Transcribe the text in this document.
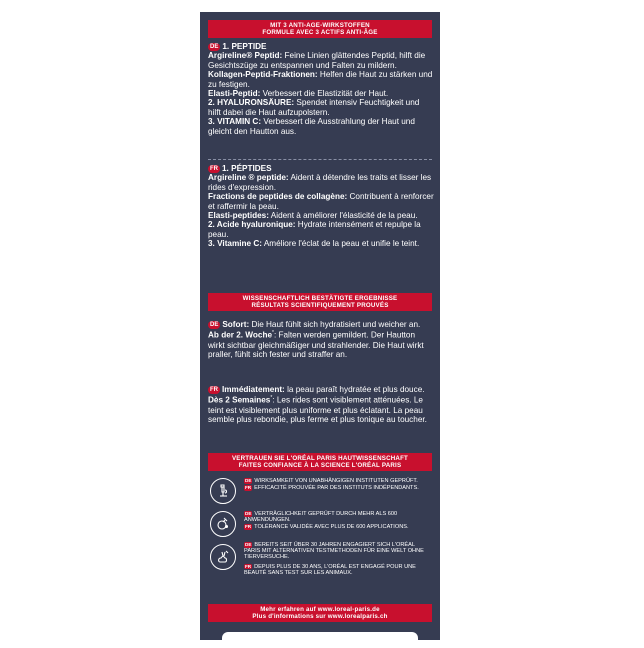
MIT 3 ANTI-AGE-WIRKSTOFFEN
FORMULE AVEC 3 ACTIFS ANTI-ÂGE

DE 1. PEPTIDE

Argireline® Peptid: Feine Linien glättendes Peptid, hilft die Gesichtszüge zu entspannen und Falten zu mildern.

Kollagen-Peptid-Fraktionen: Helfen die Haut zu stärken und zu festigen.

Elasti-Peptid: Verbessert die Elastizität der Haut.

2. HYALURONSÄURE: Spendet intensiv Feuchtigkeit und hilft dabei die Haut aufzupolstern.

3. VITAMIN C: Verbessert die Ausstrahlung der Haut und gleicht den Hautton aus.

FR 1. PÉPTIDES

Argireline ® peptide: Aident à détendre les traits et lisser les rides d'expression.

Fractions de peptides de collagène: Contribuent à renforcer et raffermir la peau.

Elasti-peptides: Aident à améliorer l'élasticité de la peau.

2. Acide hyaluronique: Hydrate intensément et repulpe la peau.

3. Vitamine C: Améliore l'éclat de la peau et unifie le teint.

WISSENSCHAFTLICH BESTÄTIGTE ERGEBNISSE
RÉSULTATS SCIENTIFIQUEMENT PROUVÉS

DE Sofort: Die Haut fühlt sich hydratisiert und weicher an.

Ab der 2. Woche*: Falten werden gemildert. Der Hautton wirkt sichtbar gleichmäßiger und strahlender. Die Haut wirkt praller, fühlt sich fester und straffer an.

FR Immédiatement: la peau paraît hydratée et plus douce.

Dès 2 Semaines*: Les rides sont visiblement atténuées. Le teint est visiblement plus uniforme et plus éclatant. La peau semble plus rebondie, plus ferme et plus tonique au toucher.

VERTRAUEN SIE L'ORÉAL PARIS HAUTWISSENSCHAFT
FAITES CONFIANCE À LA SCIENCE L'ORÉAL PARIS

DE WIRKSAMKEIT VON UNABHÄNGIGEN INSTITUTEN GEPRÜFT.

FR EFFICACITÉ PROUVÉE PAR DES INSTITUTS INDÉPENDANTS.

DE VERTRÄGLICHKEIT GEPRÜFT DURCH MEHR ALS 600 ANWENDUNGEN.

FR TOLÉRANCE VALIDÉE AVEC PLUS DE 600 APPLICATIONS.

DE BEREITS SEIT ÜBER 30 JAHREN ENGAGIERT SICH L'ORÉAL PARIS MIT ALTERNATIVEN TESTMETHODEN FÜR EINE WELT OHNE TIERVERSUCHE.

FR DEPUIS PLUS DE 30 ANS, L'ORÉAL EST ENGAGÉ POUR UNE BEAUTÉ SANS TEST SUR LES ANIMAUX.

Mehr erfahren auf www.loreal-paris.de
Plus d'informations sur www.lorealparis.ch
